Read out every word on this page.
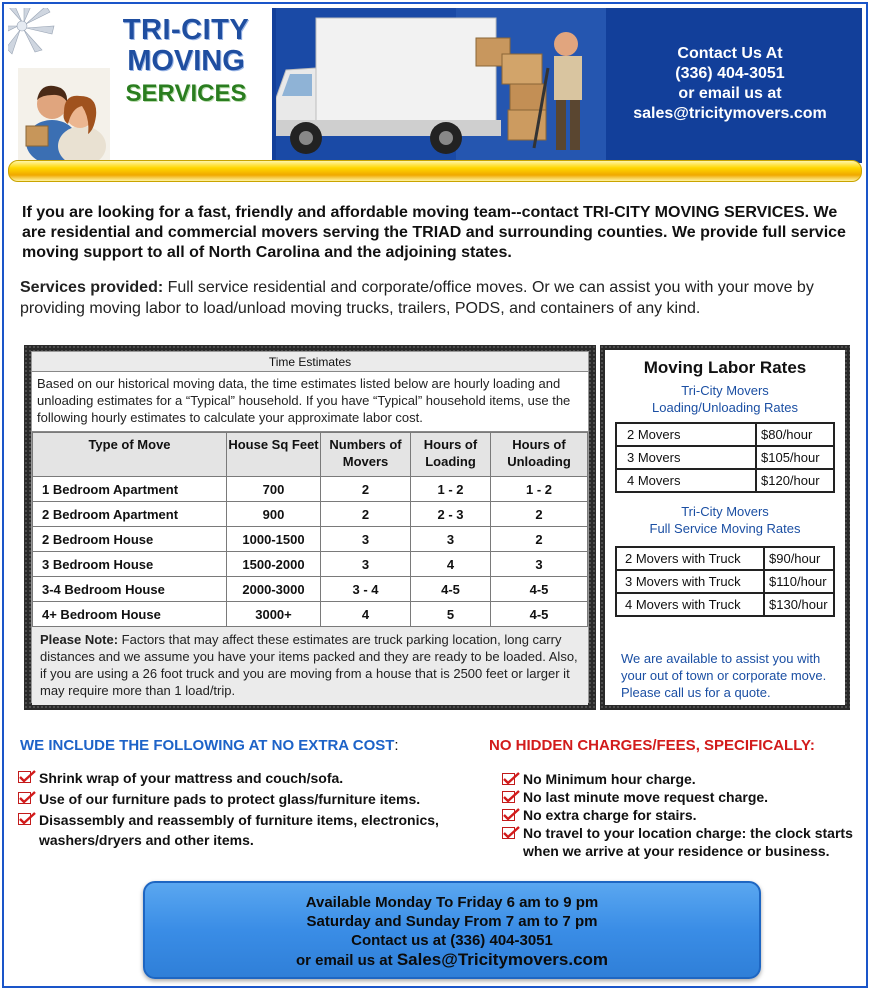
TRI-CITY
MOVING
SERVICES
Contact Us At
(336) 404-3051
or email us at
sales@tricitymovers.com
If you are looking for a fast, friendly and affordable moving team--contact TRI-CITY MOVING SERVICES. We are residential and commercial movers serving the TRIAD and surrounding counties. We provide full service moving support to all of North Carolina and the adjoining states.
Services provided: Full service residential and corporate/office moves. Or we can assist you with your move by providing moving labor to load/unload moving trucks, trailers, PODS, and containers of any kind.
Time Estimates
Based on our historical moving data, the time estimates listed below are hourly loading and unloading estimates for a “Typical” household. If you have “Typical” household items, use the following hourly estimates to calculate your approximate labor cost.
Type of Move	House Sq Feet	Numbers of Movers	Hours of Loading	Hours of Unloading
1 Bedroom Apartment	700	2	1 - 2	1 - 2
2 Bedroom Apartment	900	2	2 - 3	2
2 Bedroom House	1000-1500	3	3	2
3 Bedroom House	1500-2000	3	4	3
3-4 Bedroom House	2000-3000	3 - 4	4-5	4-5
4+ Bedroom House	3000+	4	5	4-5
Please Note: Factors that may affect these estimates are truck parking location, long carry distances and we assume you have your items packed and they are ready to be loaded. Also, if you are using a 26 foot truck and you are moving from a house that is 2500 feet or larger it may require more than 1 load/trip.
Moving Labor Rates
Tri-City Movers
Loading/Unloading Rates
2 Movers	$80/hour
3 Movers	$105/hour
4 Movers	$120/hour
Tri-City Movers
Full Service Moving Rates
2 Movers with Truck	$90/hour
3 Movers with Truck	$110/hour
4 Movers with Truck	$130/hour
We are available to assist you with your out of town or corporate move. Please call us for a quote.
WE INCLUDE THE FOLLOWING AT NO EXTRA COST:
Shrink wrap of your mattress and couch/sofa.
Use of our furniture pads to protect glass/furniture items.
Disassembly and reassembly of furniture items, electronics, washers/dryers and other items.
NO HIDDEN CHARGES/FEES, SPECIFICALLY:
No Minimum hour charge.
No last minute move request charge.
No extra charge for stairs.
No travel to your location charge: the clock starts when we arrive at your residence or business.
Available Monday To Friday 6 am to 9 pm
Saturday and Sunday From 7 am to 7 pm
Contact us at (336) 404-3051
or email us at Sales@Tricitymovers.com
